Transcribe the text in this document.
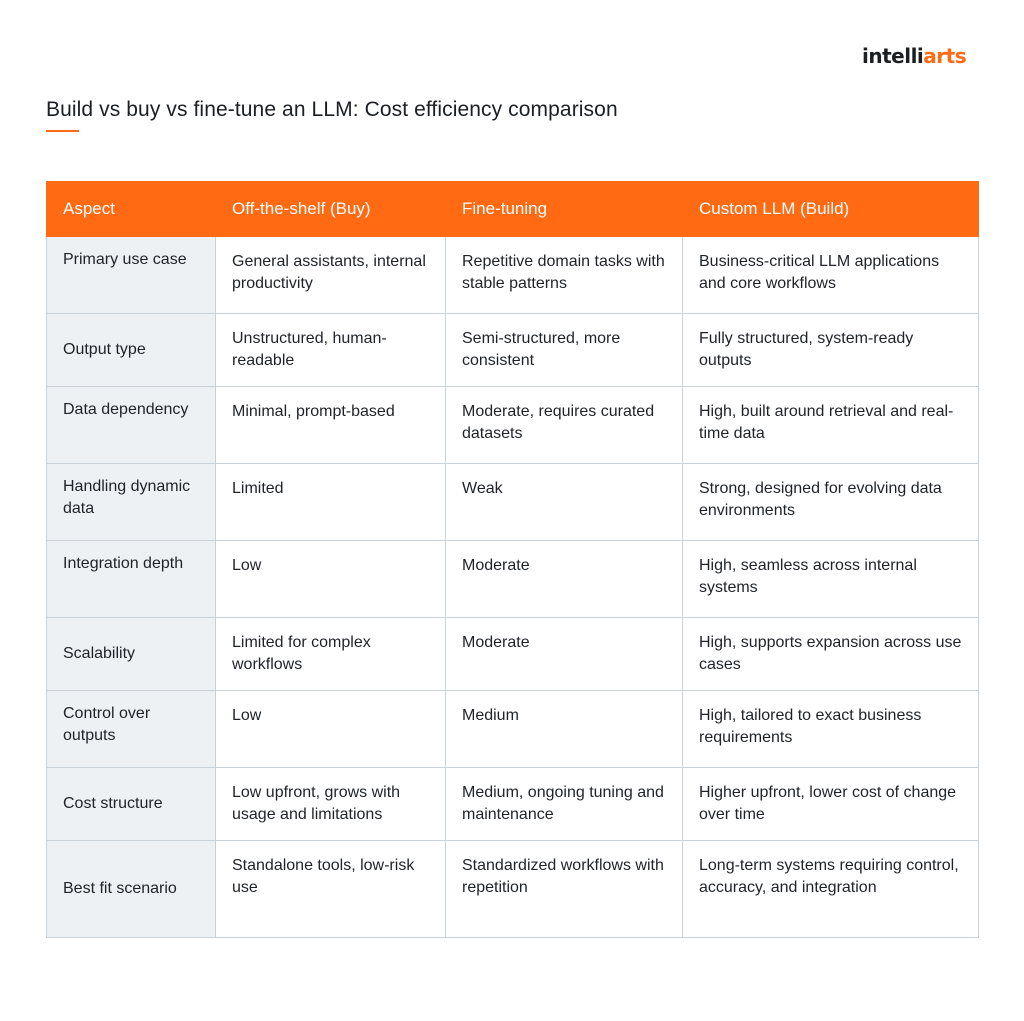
intelliarts
Build vs buy vs fine-tune an LLM: Cost efficiency comparison
Aspect	Off-the-shelf (Buy)	Fine-tuning	Custom LLM (Build)
Primary use case	General assistants, internal productivity	Repetitive domain tasks with stable patterns	Business-critical LLM applications and core workflows
Output type	Unstructured, human-readable	Semi-structured, more consistent	Fully structured, system-ready outputs
Data dependency	Minimal, prompt-based	Moderate, requires curated datasets	High, built around retrieval and real-time data
Handling dynamic data	Limited	Weak	Strong, designed for evolving data environments
Integration depth	Low	Moderate	High, seamless across internal systems
Scalability	Limited for complex workflows	Moderate	High, supports expansion across use cases
Control over outputs	Low	Medium	High, tailored to exact business requirements
Cost structure	Low upfront, grows with usage and limitations	Medium, ongoing tuning and maintenance	Higher upfront, lower cost of change over time
Best fit scenario	Standalone tools, low-risk use	Standardized workflows with repetition	Long-term systems requiring control, accuracy, and integration
